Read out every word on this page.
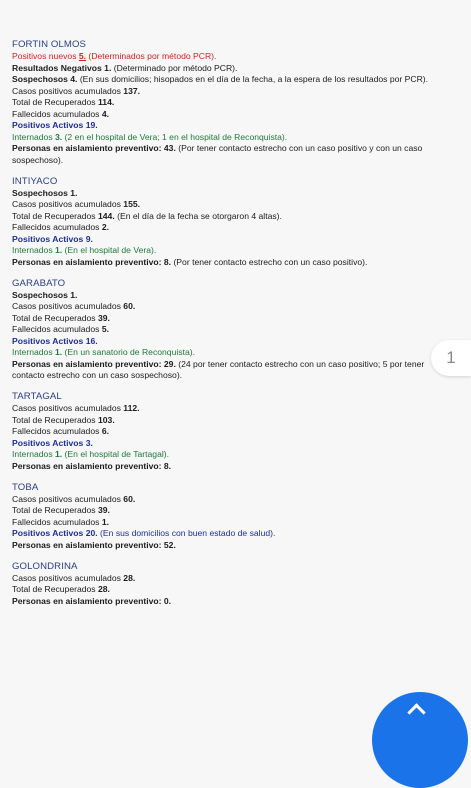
FORTIN OLMOS
Positivos nuevos 5. (Determinados por método PCR).
Resultados Negativos 1. (Determinado por método PCR).
Sospechosos 4. (En sus domicilios; hisopados en el día de la fecha, a la espera de los resultados por PCR).
Casos positivos acumulados 137.
Total de Recuperados 114.
Fallecidos acumulados 4.
Positivos Activos 19.
Internados 3. (2 en el hospital de Vera; 1 en el hospital de Reconquista).
Personas en aislamiento preventivo: 43. (Por tener contacto estrecho con un caso positivo y con un caso sospechoso).
INTIYACO
Sospechosos 1.
Casos positivos acumulados 155.
Total de Recuperados 144. (En el día de la fecha se otorgaron 4 altas).
Fallecidos acumulados 2.
Positivos Activos 9.
Internados 1. (En el hospital de Vera).
Personas en aislamiento preventivo: 8. (Por tener contacto estrecho con un caso positivo).
GARABATO
Sospechosos 1.
Casos positivos acumulados 60.
Total de Recuperados 39.
Fallecidos acumulados 5.
Positivos Activos 16.
Internados 1. (En un sanatorio de Reconquista).
Personas en aislamiento preventivo: 29. (24 por tener contacto estrecho con un caso positivo; 5 por tener contacto estrecho con un caso sospechoso).
TARTAGAL
Casos positivos acumulados 112.
Total de Recuperados 103.
Fallecidos acumulados 6.
Positivos Activos 3.
Internados 1. (En el hospital de Tartagal).
Personas en aislamiento preventivo: 8.
TOBA
Casos positivos acumulados 60.
Total de Recuperados 39.
Fallecidos acumulados 1.
Positivos Activos 20. (En sus domicilios con buen estado de salud).
Personas en aislamiento preventivo: 52.
GOLONDRINA
Casos positivos acumulados 28.
Total de Recuperados 28.
Personas en aislamiento preventivo: 0.
1
